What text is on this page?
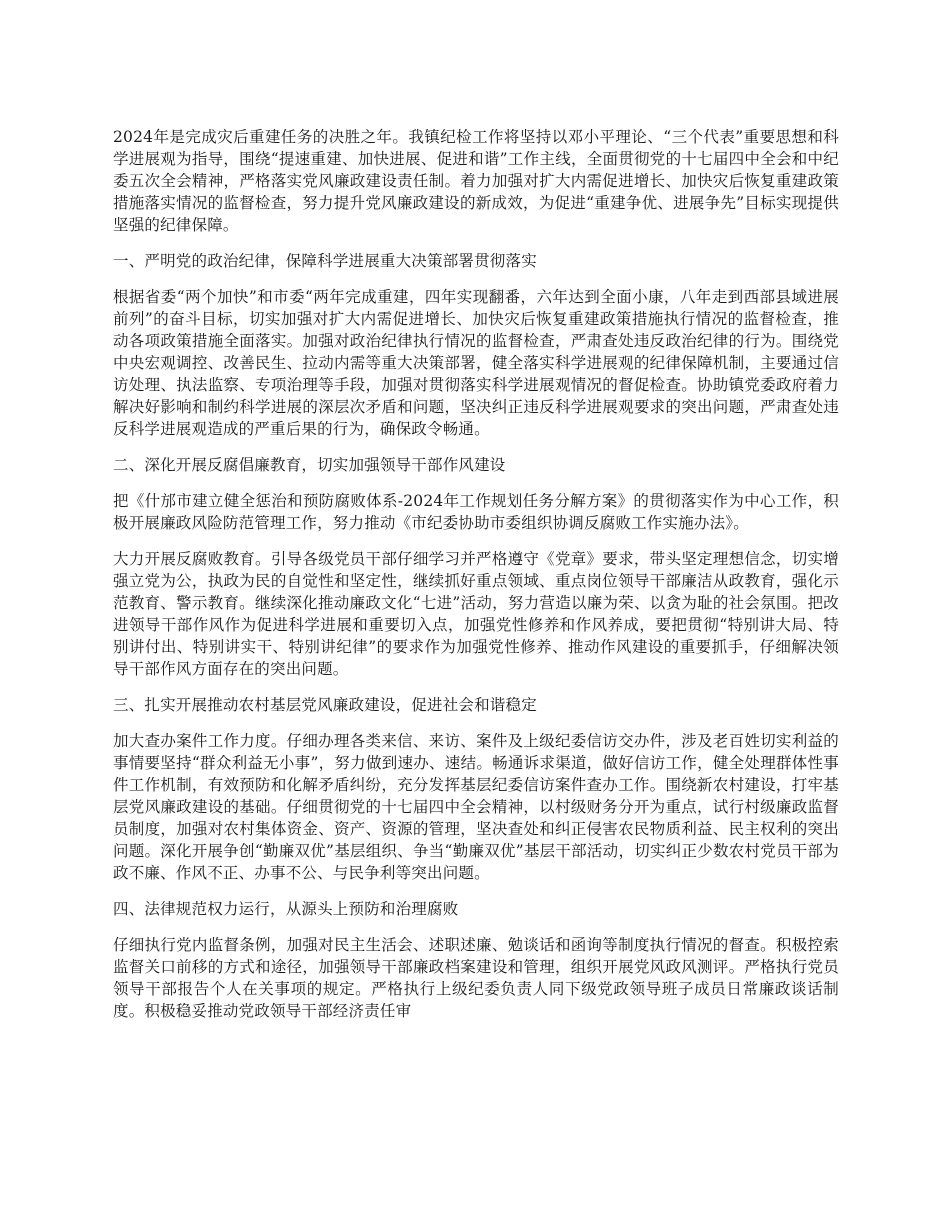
2024年是完成灾后重建任务的决胜之年。我镇纪检工作将坚持以邓小平理论、“三个代表”重要思想和科学进展观为指导，围绕“提速重建、加快进展、促进和谐”工作主线，全面贯彻党的十七届四中全会和中纪委五次全会精神，严格落实党风廉政建设责任制。着力加强对扩大内需促进增长、加快灾后恢复重建政策措施落实情况的监督检查，努力提升党风廉政建设的新成效，为促进“重建争优、进展争先”目标实现提供坚强的纪律保障。

一、严明党的政治纪律，保障科学进展重大决策部署贯彻落实

根据省委“两个加快”和市委“两年完成重建，四年实现翻番，六年达到全面小康，八年走到西部县域进展前列”的奋斗目标，切实加强对扩大内需促进增长、加快灾后恢复重建政策措施执行情况的监督检查，推动各项政策措施全面落实。加强对政治纪律执行情况的监督检查，严肃查处违反政治纪律的行为。围绕党中央宏观调控、改善民生、拉动内需等重大决策部署，健全落实科学进展观的纪律保障机制，主要通过信访处理、执法监察、专项治理等手段，加强对贯彻落实科学进展观情况的督促检查。协助镇党委政府着力解决好影响和制约科学进展的深层次矛盾和问题，坚决纠正违反科学进展观要求的突出问题，严肃查处违反科学进展观造成的严重后果的行为，确保政令畅通。

二、深化开展反腐倡廉教育，切实加强领导干部作风建设

把《什邡市建立健全惩治和预防腐败体系-2024年工作规划任务分解方案》的贯彻落实作为中心工作，积极开展廉政风险防范管理工作，努力推动《市纪委协助市委组织协调反腐败工作实施办法》。

大力开展反腐败教育。引导各级党员干部仔细学习并严格遵守《党章》要求，带头坚定理想信念，切实增强立党为公，执政为民的自觉性和坚定性，继续抓好重点领域、重点岗位领导干部廉洁从政教育，强化示范教育、警示教育。继续深化推动廉政文化“七进”活动，努力营造以廉为荣、以贪为耻的社会氛围。把改进领导干部作风作为促进科学进展和重要切入点，加强党性修养和作风养成，要把贯彻“特别讲大局、特别讲付出、特别讲实干、特别讲纪律”的要求作为加强党性修养、推动作风建设的重要抓手，仔细解决领导干部作风方面存在的突出问题。

三、扎实开展推动农村基层党风廉政建设，促进社会和谐稳定

加大查办案件工作力度。仔细办理各类来信、来访、案件及上级纪委信访交办件，涉及老百姓切实利益的事情要坚持“群众利益无小事”，努力做到速办、速结。畅通诉求渠道，做好信访工作，健全处理群体性事件工作机制，有效预防和化解矛盾纠纷，充分发挥基层纪委信访案件查办工作。围绕新农村建设，打牢基层党风廉政建设的基础。仔细贯彻党的十七届四中全会精神，以村级财务分开为重点，试行村级廉政监督员制度，加强对农村集体资金、资产、资源的管理，坚决查处和纠正侵害农民物质利益、民主权利的突出问题。深化开展争创“勤廉双优”基层组织、争当“勤廉双优”基层干部活动，切实纠正少数农村党员干部为政不廉、作风不正、办事不公、与民争利等突出问题。

四、法律规范权力运行，从源头上预防和治理腐败

仔细执行党内监督条例，加强对民主生活会、述职述廉、勉谈话和函询等制度执行情况的督查。积极控索监督关口前移的方式和途径，加强领导干部廉政档案建设和管理，组织开展党风政风测评。严格执行党员领导干部报告个人在关事项的规定。严格执行上级纪委负责人同下级党政领导班子成员日常廉政谈话制度。积极稳妥推动党政领导干部经济责任审
